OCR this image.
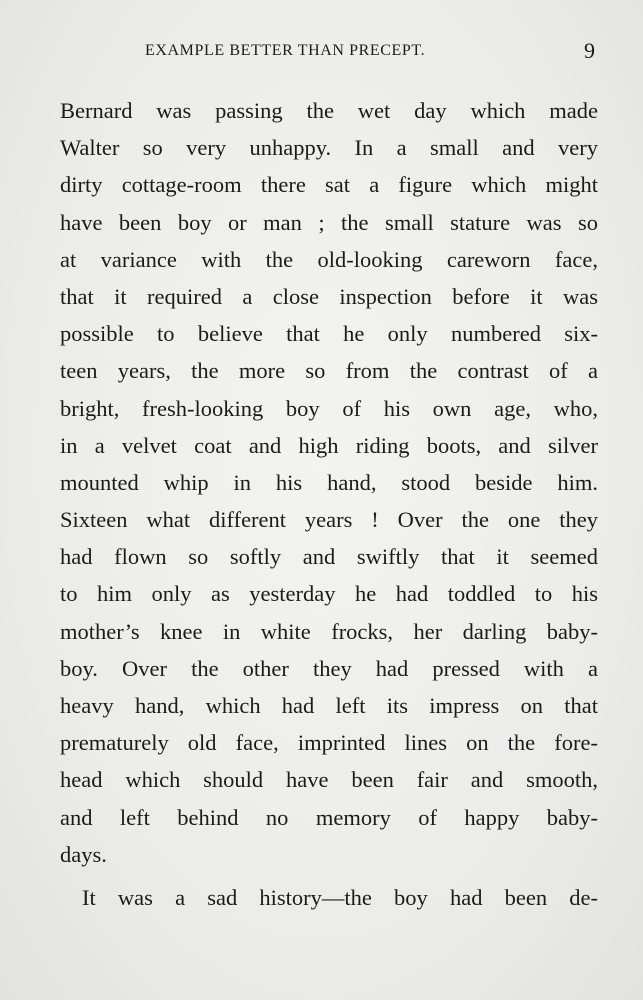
EXAMPLE BETTER THAN PRECEPT.	9
Bernard was passing the wet day which made
Walter so very unhappy. In a small and very
dirty cottage-room there sat a figure which might
have been boy or man ; the small stature was so
at variance with the old-looking careworn face,
that it required a close inspection before it was
possible to believe that he only numbered six-
teen years, the more so from the contrast of a
bright, fresh-looking boy of his own age, who,
in a velvet coat and high riding boots, and silver
mounted whip in his hand, stood beside him.
Sixteen what different years ! Over the one they
had flown so softly and swiftly that it seemed
to him only as yesterday he had toddled to his
mother’s knee in white frocks, her darling baby-
boy. Over the other they had pressed with a
heavy hand, which had left its impress on that
prematurely old face, imprinted lines on the fore-
head which should have been fair and smooth,
and left behind no memory of happy baby-
days.
It was a sad history—the boy had been de-
